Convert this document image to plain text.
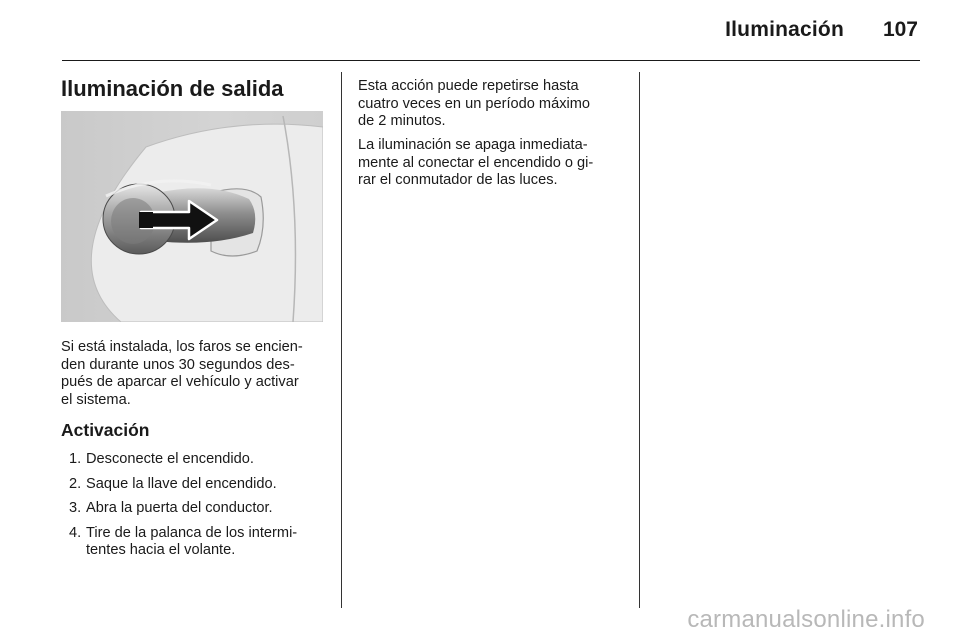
Iluminación	107
Iluminación de salida

Si está instalada, los faros se encien-
den durante unos 30 segundos des-
pués de aparcar el vehículo y activar
el sistema.

Activación
1. Desconecte el encendido.
2. Saque la llave del encendido.
3. Abra la puerta del conductor.
4. Tire de la palanca de los intermi-
tentes hacia el volante.

Esta acción puede repetirse hasta
cuatro veces en un período máximo
de 2 minutos.

La iluminación se apaga inmediata-
mente al conectar el encendido o gi-
rar el conmutador de las luces.

carmanualsonline.info
